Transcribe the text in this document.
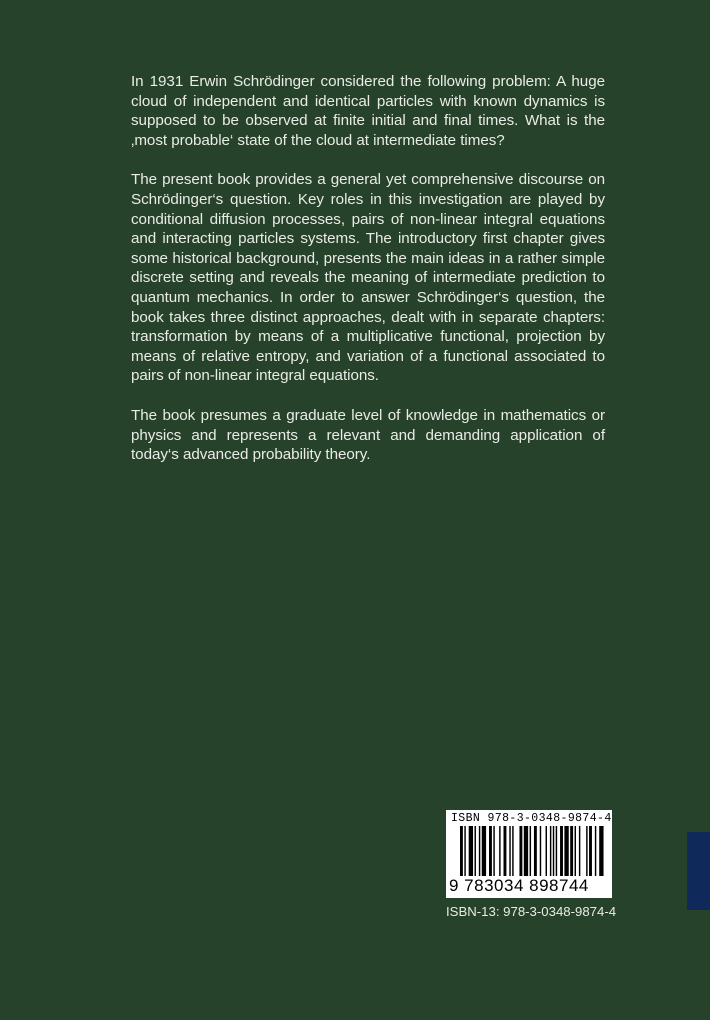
In 1931 Erwin Schrödinger considered the following problem: A huge cloud of independent and identical particles with known dynamics is supposed to be observed at finite initial and final times. What is the ‚most probable‘ state of the cloud at intermediate times?

The present book provides a general yet comprehensive discourse on Schrödinger‘s question. Key roles in this investigation are played by conditional diffusion processes, pairs of non-linear integral equations and interacting particles systems. The introductory first chapter gives some historical background, presents the main ideas in a rather simple discrete setting and reveals the meaning of intermediate prediction to quantum mechanics. In order to answer Schrödinger‘s question, the book takes three distinct approaches, dealt with in separate chapters: transformation by means of a multiplicative functional, projection by means of relative entropy, and variation of a functional associated to pairs of non-linear integral equations.

The book presumes a graduate level of knowledge in mathematics or physics and represents a relevant and demanding application of today‘s advanced probability theory.

ISBN 978-3-0348-9874-4
9 783034 898744
ISBN-13: 978-3-0348-9874-4
